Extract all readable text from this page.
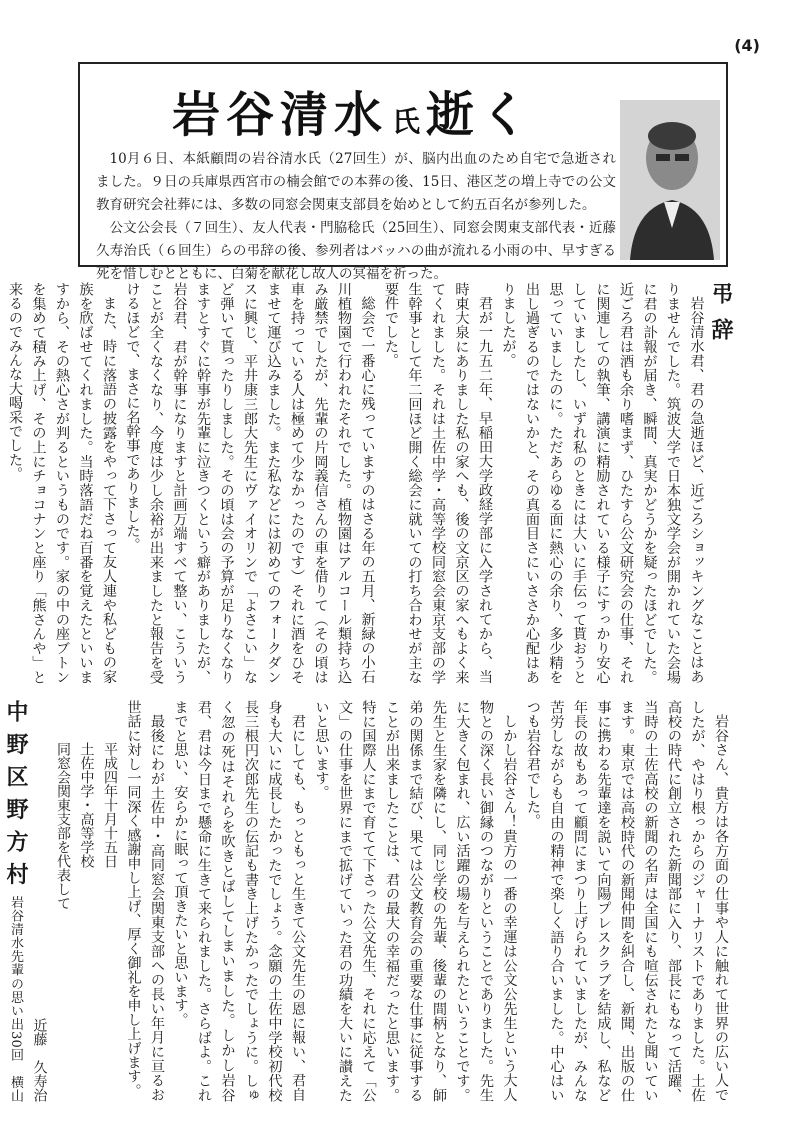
(4)
岩谷清水 氏 逝く

10月６日、本紙顧問の岩谷清水氏（27回生）が、脳内出血のため自宅で急逝されました。９日の兵庫県西宮市の楠会館での本葬の後、15日、港区芝の増上寺での公文教育研究会社葬には、多数の同窓会関東支部員を始めとして約五百名が参列した。

公文公会長（７回生）、友人代表・門脇稔氏（25回生）、同窓会関東支部代表・近藤久寿治氏（６回生）らの弔辞の後、参列者はバッハの曲が流れる小雨の中、早すぎる死を惜しむとともに、白菊を献花し故人の冥福を祈った。

弔辞

岩谷清水君、君の急逝ほど、近ごろショッキングなことはありませんでした。筑波大学で日本独文学会が開かれていた会場に君の訃報が届き、瞬間、真実かどうかを疑ったほどでした。近ごろ君は酒も余り嗜まず、ひたすら公文研究会の仕事、それに関連しての執筆、講演に精励されている様子にすっかり安心していましたし、いずれ私のときには大いに手伝って貰おうと思っていましたのに。ただあらゆる面に熱心の余り、多少精を出し過ぎるのではないかと、その真面目さにいささか心配はありましたが。

君が一九五二年、早稲田大学政経学部に入学されてから、当時東大泉にありました私の家へも、後の文京区の家へもよく来てくれました。それは土佐中学・高等学校同窓会東京支部の学生幹事として年二回ほど開く総会に就いての打ち合わせが主な要件でした。

総会で一番心に残っていますのはさる年の五月、新緑の小石川植物園で行われたそれでした。植物園はアルコール類持ち込み厳禁でしたが、先輩の片岡義信さんの車を借りて（その頃は車を持っている人は極めて少なかったのです）それに酒をひそませて運び込みました。また私などには初めてのフォークダンスに興じ、平井康三郎大先生にヴァイオリンで「よさこい」など弾いて貰ったりしました。その頃は会の予算が足りなくなりますとすぐに幹事が先輩に泣きつくという癖がありましたが、岩谷君、君が幹事になりますと計画万端すべて整い、こういうことが全くなくなり、今度は少し余裕が出来ましたと報告を受けるほどで、まさに名幹事でありました。

また、時に落語の披露をやって下さって友人連や私どもの家族を欣ばせてくれました。当時落語だね百番を覚えたといいますから、その熱心さが判るというものです。家の中の座ブトンを集めて積み上げ、その上にチョコナンと座り「熊さんや」と来るのでみんな大喝采でした。

岩谷さん、貴方は各方面の仕事や人に触れて世界の広い人でしたが、やはり根っからのジャーナリストでありました。土佐高校の時代に創立された新聞部に入り、部長にもなって活躍、当時の土佐高校の新聞の名声は全国にも喧伝されたと聞いています。東京では高校時代の新聞仲間を糾合し、新聞、出版の仕事に携わる先輩達を説いて向陽プレスクラブを結成し、私など年長の故もあって顧問にまつり上げられていましたが、みんな苦労しながらも自由の精神で楽しく語り合いました。中心はいつも岩谷君でした。

しかし岩谷さん！貴方の一番の幸運は公文公先生という大人物との深く長い御縁のつながりということでありました。先生に大きく包まれ、広い活躍の場を与えられたということです。先生と生家を隣にし、同じ学校の先輩、後輩の間柄となり、師弟の関係まで結び、果ては公文教育会の重要な仕事に従事することが出来ましたことは、君の最大の幸福だったと思います。特に国際人にまで育てて下さった公文先生、それに応えて「公文」の仕事を世界にまで拡げていった君の功績を大いに讃えたいと思います。

君にしても、もっともっと生きて公文先生の恩に報い、君自身も大いに成長したかったでしょう。念願の土佐中学校初代校長三根円次郎先生の伝記も書き上げたかったでしょうに。しゅく忽の死はそれらを吹きとばしてしまいました。しかし岩谷君、君は今日まで懸命に生きて来られました。さらばよ。これまでと思い、安らかに眠って頂きたいと思います。

最後にわが土佐中・高同窓会関東支部への長い年月に亘るお世話に対し一同深く感謝申し上げ、厚く御礼を申し上げます。

平成四年十月十五日
土佐中学・高等学校
同窓会関東支部を代表して
近藤　久寿治
中野区野方村岩谷清水先輩の思い出30回　横山　
